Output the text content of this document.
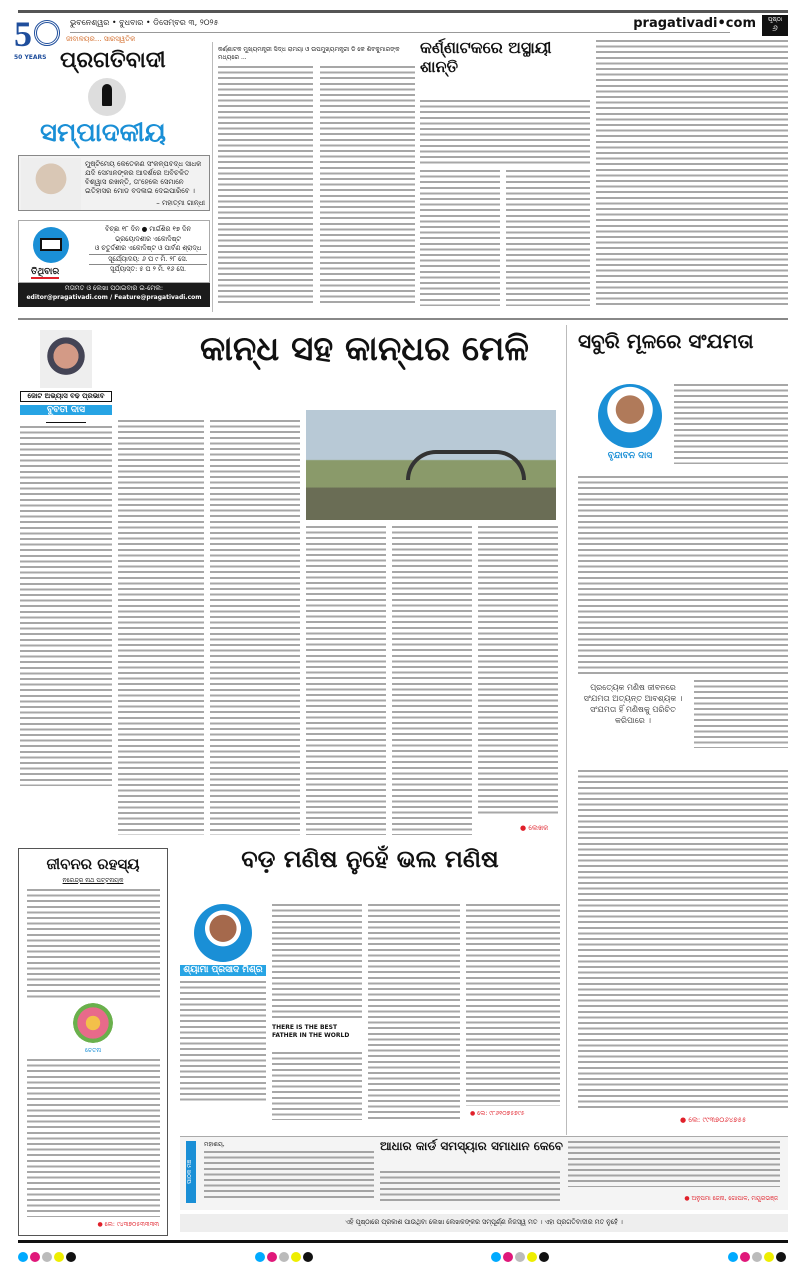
5
50 YEARS
ଭୁବନେଶ୍ୱର • ବୁଧବାର • ଡିସେମ୍ବର ୩, ୨୦୨୫
ଜୀବାଳୟର... ସାରସ୍ୱତିକ
pragativadi•com	ପୃଷ୍ଠା
୬
ପ୍ରଗତିବାଦୀ
ସମ୍ପାଦକୀୟ
ମୁଷ୍ଟିମେୟ କେତେକଣ ସଂକଳ୍ପବଦ୍ଧ ସାଧକ ଯଦି ସେମାନଙ୍କର ଆଦର୍ଶରେ ଅବିଚଳିତ ବିଶ୍ୱାସ ରଖନ୍ତି, ତା'ହେଲେ ସେମାନେ ଇତିହାସର ମୋଡ ବଦଳାଇ ଦେଇପାରିବେ ।
– ମହାତ୍ମା ଗାନ୍ଧୀ
ତିଥିବାର
ବିଚ୍ଛା ୧୮ ଦିନ ● ମାର୍ଗଶିର ୧୭ ଦିନ
ଭ୍ରୟୋଦଶୀର ଏକୋଦିଷ୍ଟ
ଓ ଚତୁର୍ଦ୍ଦଶୀର ଏକୋଦିଷ୍ଟ ଓ ପାର୍ବଣ ଶ୍ରାଦ୍ଧ
ସୂର୍ଯ୍ୟୋଦୟ: ୬ ଘ ୯ ମି. ୨୮ ସେ.
ସୂର୍ଯ୍ୟାସ୍ତ: ୫ ଘ ୨ ମି. ୧୬ ସେ.
ମତାମତ ଓ ଲେଖା ପଠାଇବାର ଇ-ମେଲ:
editor@pragativadi.com / Feature@pragativadi.com
କର୍ଣ୍ଣାଟକ ମୁଖ୍ୟମନ୍ତ୍ରୀ ସିଦ୍ଧ ରାମୟା ଓ ଉପମୁଖ୍ୟମନ୍ତ୍ରୀ ଡି କେ ଶିବକୁମାରଙ୍କ ମଧ୍ୟରେ ...
କର୍ଣ୍ଣାଟକରେ ଅସ୍ଥାୟୀ ଶାନ୍ତି
କାନ୍ଧ ସହ କାନ୍ଧର ମେଳି
ଜୋଟ ଅଭ୍ୟାସ ବଢ ପ୍ରଭାବ
ବୁବତୀ ଦାସ
● ଲେଖକ
ସବୁରି ମୂଳରେ ସଂଯମତା
ବୃନ୍ଦାବନ ଦାସ
ପ୍ରତ୍ୟେକ ମଣିଷ ଜୀବନରେ ସଂଯମତା ଅତ୍ୟନ୍ତ ଆବଶ୍ୟକ । ସଂଯମତା ହିଁ ମଣିଷକୁ ପରିଚିତ କରିପାରେ ।
● ଲେ: ୯୯୩୭୦୬୪୭୫୫
ଜୀବନର ରହସ୍ୟ
ନରେନ୍ଦ୍ର ନାଥ ପଟ୍ଟନାୟକ
ଚେତନା
● ଲେ: ୯୪୩୭୦୫୩୩୩୩
ବଡ଼ ମଣିଷ ନୁହେଁ ଭଲ ମଣିଷ
ଶ୍ୟାମା ପ୍ରସାଦ ମିଶ୍ର
THERE IS THE BEST FATHER IN THE WORLD
● ଲେ: ୯୮୬୧୦୭୫୭୯୫
ପାଠକ ମଞ୍ଚ
ମହାଶୟ,	ଆଧାର କାର୍ଡ ସମସ୍ୟାର ସମାଧାନ କେବେ
● ଅନୁପମା ଜେନା, ଗୋପାଳ, ମୟୂରଭଞ୍ଜ
ଏହି ପୃଷ୍ଠାରେ ପ୍ରକାଶ ପାଉଥିବା ଲେଖା ଲେଖକଙ୍କର ସମ୍ପୂର୍ଣ୍ଣ ନିଜସ୍ୱ ମତ । ଏହା ପ୍ରଗତିବାଦୀର ମତ ନୁହେଁ ।
